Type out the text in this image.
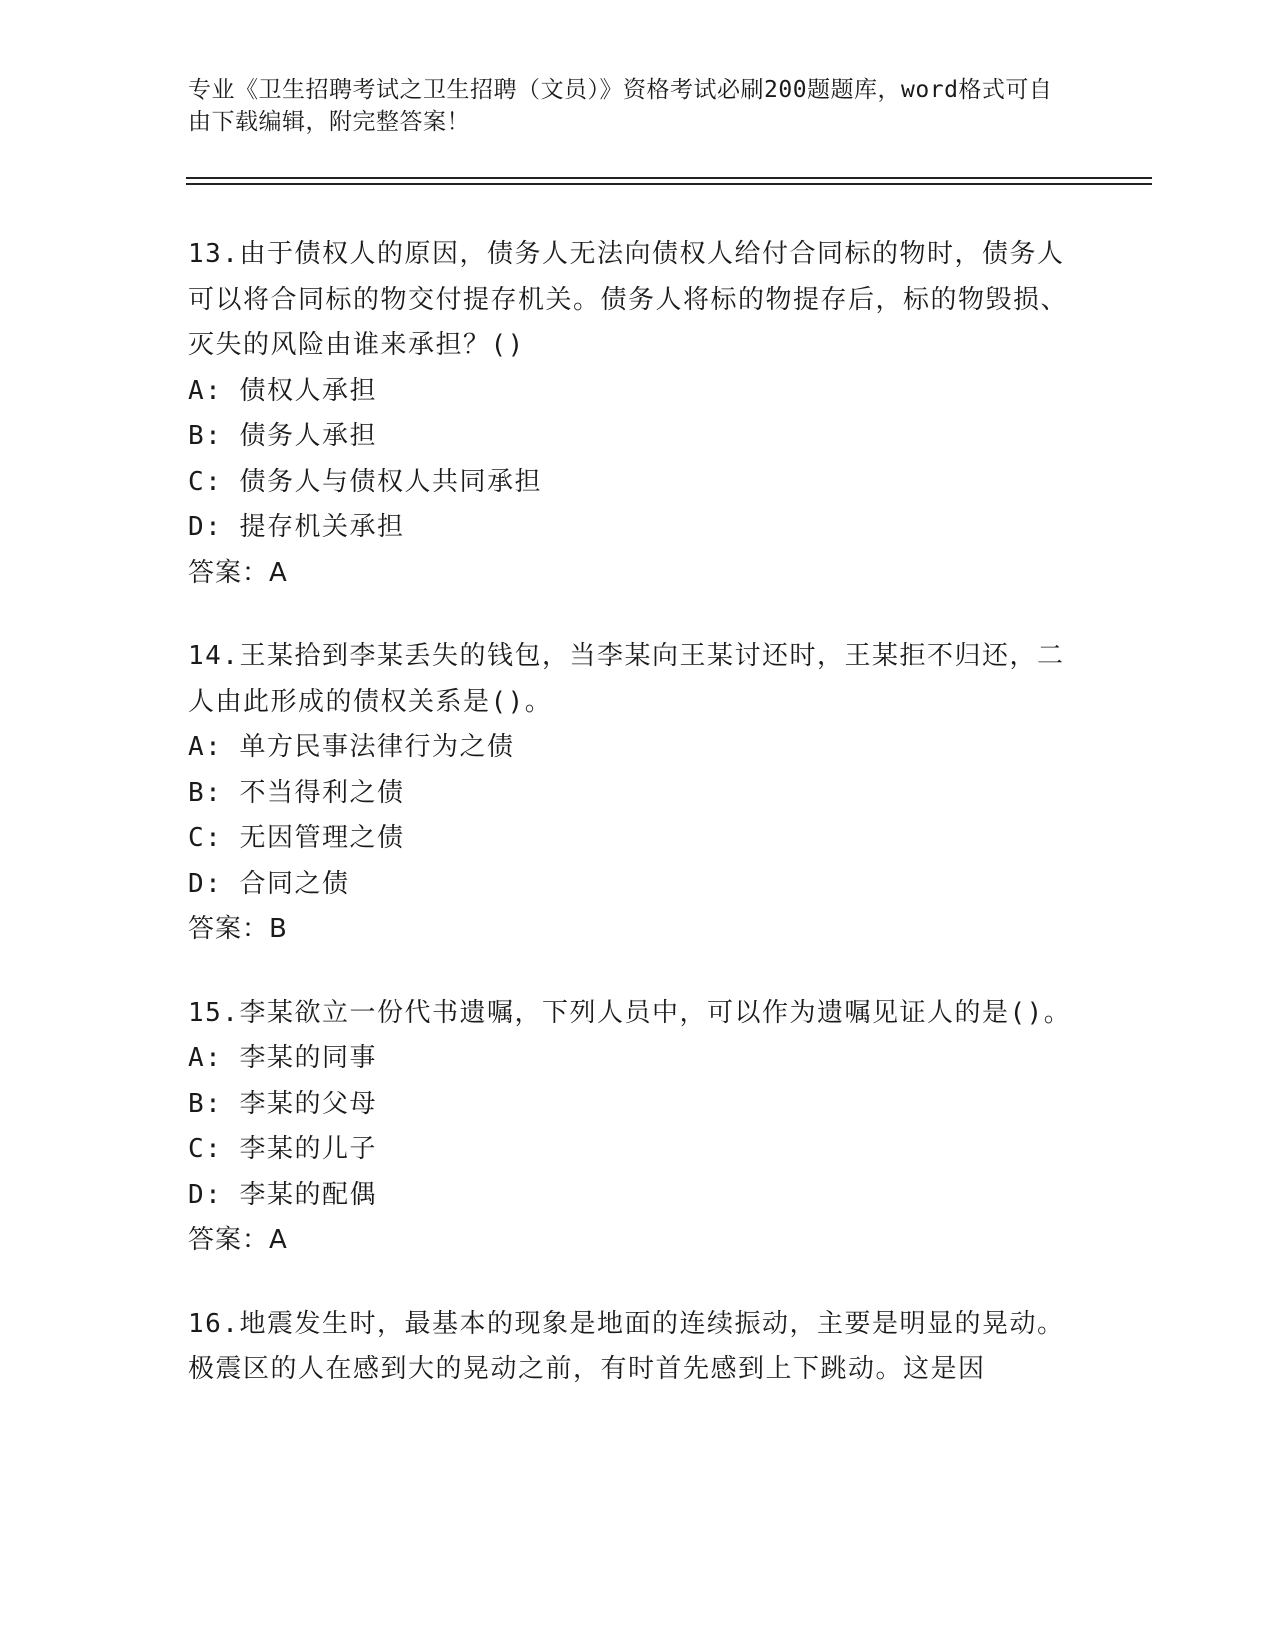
专业《卫生招聘考试之卫生招聘（文员）》资格考试必刷200题题库，word格式可自由下载编辑，附完整答案！
13.由于债权人的原因，债务人无法向债权人给付合同标的物时，债务人可以将合同标的物交付提存机关。债务人将标的物提存后，标的物毁损、灭失的风险由谁来承担？()
A: 债权人承担
B: 债务人承担
C: 债务人与债权人共同承担
D: 提存机关承担
答案：A
14.王某拾到李某丢失的钱包，当李某向王某讨还时，王某拒不归还，二人由此形成的债权关系是()。
A: 单方民事法律行为之债
B: 不当得利之债
C: 无因管理之债
D: 合同之债
答案：B
15.李某欲立一份代书遗嘱，下列人员中，可以作为遗嘱见证人的是()。
A: 李某的同事
B: 李某的父母
C: 李某的儿子
D: 李某的配偶
答案：A
16.地震发生时，最基本的现象是地面的连续振动，主要是明显的晃动。极震区的人在感到大的晃动之前，有时首先感到上下跳动。这是因
